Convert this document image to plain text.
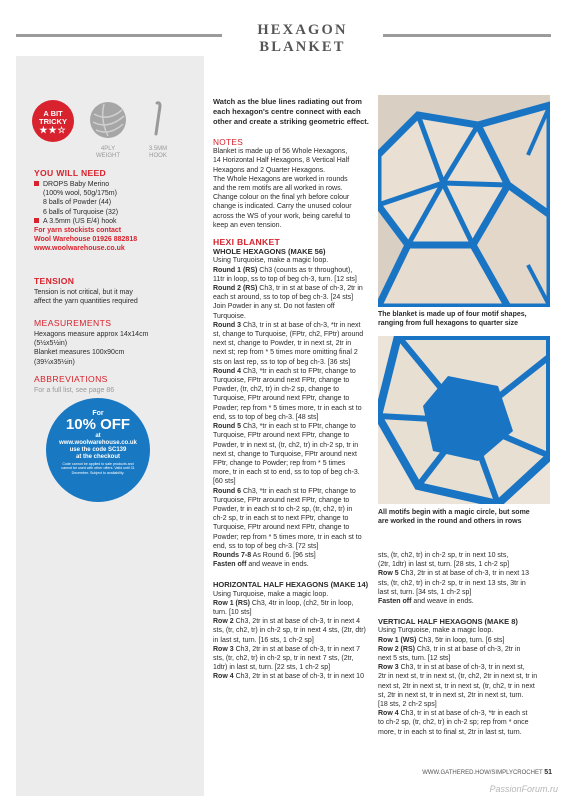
HEXAGON BLANKET
A BIT
TRICKY
★★☆
4PLY
WEIGHT
3.5MM
HOOK
YOU WILL NEED
DROPS Baby Merino
(100% wool, 50g/175m)
8 balls of Powder (44)
6 balls of Turquoise (32)
A 3.5mm (US E/4) hook
For yarn stockists contact
Wool Warehouse 01926 882818
www.woolwarehouse.co.uk
TENSION
Tension is not critical, but it may
affect the yarn quantities required
MEASUREMENTS
Hexagons measure approx 14x14cm
(5½x5½in)
Blanket measures 100x90cm
(39¼x35½in)
ABBREVIATIONS
For a full list, see page 86
For
10% OFF
at
www.woolwarehouse.co.uk
use the code SC139
at the checkout
Code cannot be applied to sale products and cannot be used with other offers. Valid until 31 December. Subject to availability.

Watch as the blue lines radiating out from

each hexagon's centre connect with each

other and create a striking geometric effect.

NOTES

Blanket is made up of 56 Whole Hexagons,

14 Horizontal Half Hexagons, 8 Vertical Half

Hexagons and 2 Quarter Hexagons.

The Whole Hexagons are worked in rounds

and the rem motifs are all worked in rows.

Change colour on the final yrh before colour

change is indicated. Carry the unused colour

across the WS of your work, being careful to

keep an even tension.

HEXI BLANKET
WHOLE HEXAGONS (MAKE 56)

Using Turquoise, make a magic loop.

Round 1 (RS) Ch3 (counts as tr throughout),

11tr in loop, ss to top of beg ch-3, turn. [12 sts]

Round 2 (RS) Ch3, tr in st at base of ch-3, 2tr in

each st around, ss to top of beg ch-3. [24 sts]

Join Powder in any st. Do not fasten off

Turquoise.

Round 3 Ch3, tr in st at base of ch-3, *tr in next

st, change to Turquoise, (FPtr, ch2, FPtr) around

next st, change to Powder, tr in next st, 2tr in

next st; rep from * 5 times more omitting final 2

sts on last rep, ss to top of beg ch-3. [36 sts]

Round 4 Ch3, *tr in each st to FPtr, change to

Turquoise, FPtr around next FPtr, change to

Powder, (tr, ch2, tr) in ch-2 sp, change to

Turquoise, FPtr around next FPtr, change to

Powder; rep from * 5 times more, tr in each st to

end, ss to top of beg ch-3. [48 sts]

Round 5 Ch3, *tr in each st to FPtr, change to

Turquoise, FPtr around next FPtr, change to

Powder, tr in next st, (tr, ch2, tr) in ch-2 sp, tr in

next st, change to Turquoise, FPtr around next

FPtr, change to Powder; rep from * 5 times

more, tr in each st to end, ss to top of beg ch-3.

[60 sts]

Round 6 Ch3, *tr in each st to FPtr, change to

Turquoise, FPtr around next FPtr, change to

Powder, tr in each st to ch-2 sp, (tr, ch2, tr) in

ch-2 sp, tr in each st to next FPtr, change to

Turquoise, FPtr around next FPtr, change to

Powder; rep from * 5 times more, tr in each st to

end, ss to top of beg ch-3. [72 sts]

Rounds 7-8 As Round 6. [96 sts]

Fasten off and weave in ends.

HORIZONTAL HALF HEXAGONS (MAKE 14)

Using Turquoise, make a magic loop.

Row 1 (RS) Ch3, 4tr in loop, (ch2, 5tr in loop,

turn. [10 sts]

Row 2 Ch3, 2tr in st at base of ch-3, tr in next 4

sts, (tr, ch2, tr) in ch-2 sp, tr in next 4 sts, (2tr, dtr)

in last st, turn. [16 sts, 1 ch-2 sp]

Row 3 Ch3, 2tr in st at base of ch-3, tr in next 7

sts, (tr, ch2, tr) in ch-2 sp, tr in next 7 sts, (2tr,

1dtr) in last st, turn. [22 sts, 1 ch-2 sp]

Row 4 Ch3, 2tr in st at base of ch-3, tr in next 10

The blanket is made up of four motif shapes,
ranging from full hexagons to quarter size
All motifs begin with a magic circle, but some
are worked in the round and others in rows

sts, (tr, ch2, tr) in ch-2 sp, tr in next 10 sts,

(2tr, 1dtr) in last st, turn. [28 sts, 1 ch-2 sp]

Row 5 Ch3, 2tr in st at base of ch-3, tr in next 13

sts, (tr, ch2, tr) in ch-2 sp, tr in next 13 sts, 3tr in

last st, turn. [34 sts, 1 ch-2 sp]

Fasten off and weave in ends.

VERTICAL HALF HEXAGONS (MAKE 8)

Using Turquoise, make a magic loop.

Row 1 (WS) Ch3, 5tr in loop, turn. [6 sts]

Row 2 (RS) Ch3, tr in st at base of ch-3, 2tr in

next 5 sts, turn. [12 sts]

Row 3 Ch3, tr in st at base of ch-3, tr in next st,

2tr in next st, tr in next st, (tr, ch2, 2tr in next st, tr in

next st, 2tr in next st, tr in next st, (tr, ch2, tr in next

st, 2tr in next st, tr in next st, 2tr in next st, turn.

[18 sts, 2 ch-2 sps]

Row 4 Ch3, tr in st at base of ch-3, *tr in each st

to ch-2 sp, (tr, ch2, tr) in ch-2 sp; rep from * once

more, tr in each st to final st, 2tr in last st, turn.

WWW.GATHERED.HOW/SIMPLYCROCHET 51
PassionForum.ru
